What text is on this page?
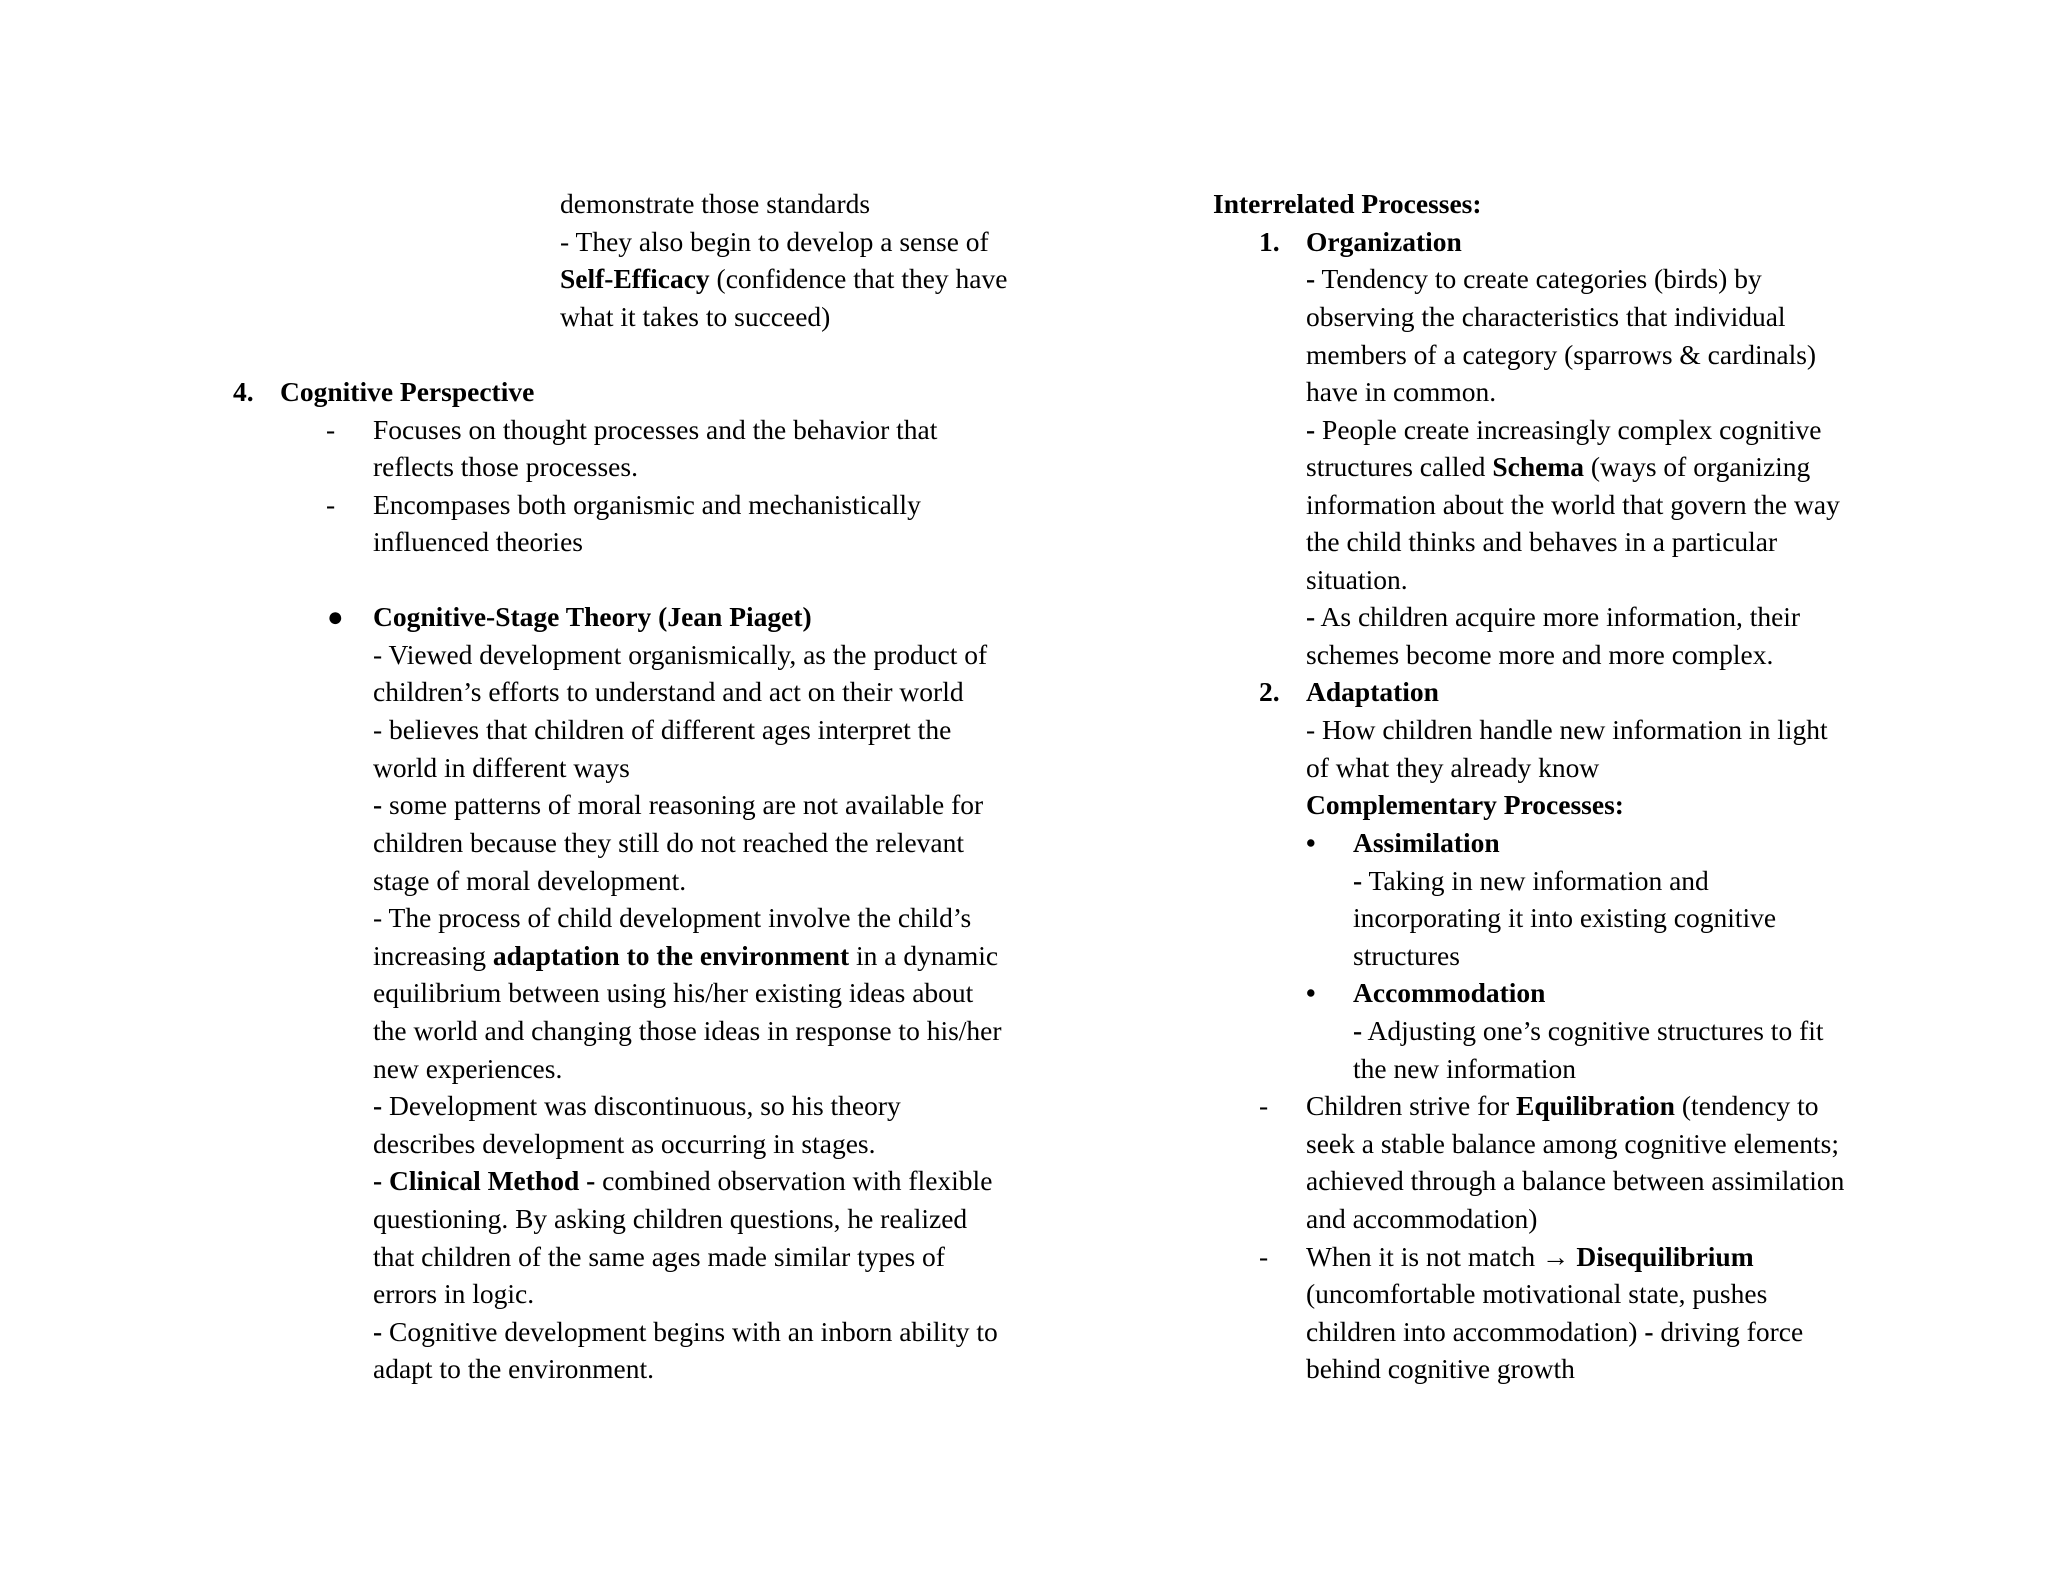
demonstrate those standards
- They also begin to develop a sense of
Self-Efficacy (confidence that they have
what it takes to succeed)
4. Cognitive Perspective
- Focuses on thought processes and the behavior that
reflects those processes.
- Encompases both organismic and mechanistically
influenced theories
● Cognitive-Stage Theory (Jean Piaget)
- Viewed development organismically, as the product of
children’s efforts to understand and act on their world
- believes that children of different ages interpret the
world in different ways
- some patterns of moral reasoning are not available for
children because they still do not reached the relevant
stage of moral development.
- The process of child development involve the child’s
increasing adaptation to the environment in a dynamic
equilibrium between using his/her existing ideas about
the world and changing those ideas in response to his/her
new experiences.
- Development was discontinuous, so his theory
describes development as occurring in stages.
- Clinical Method - combined observation with flexible
questioning. By asking children questions, he realized
that children of the same ages made similar types of
errors in logic.
- Cognitive development begins with an inborn ability to
adapt to the environment.
Interrelated Processes:
1. Organization
- Tendency to create categories (birds) by
observing the characteristics that individual
members of a category (sparrows & cardinals)
have in common.
- People create increasingly complex cognitive
structures called Schema (ways of organizing
information about the world that govern the way
the child thinks and behaves in a particular
situation.
- As children acquire more information, their
schemes become more and more complex.
2. Adaptation
- How children handle new information in light
of what they already know
Complementary Processes:
• Assimilation
- Taking in new information and
incorporating it into existing cognitive
structures
• Accommodation
- Adjusting one’s cognitive structures to fit
the new information
- Children strive for Equilibration (tendency to
seek a stable balance among cognitive elements;
achieved through a balance between assimilation
and accommodation)
- When it is not match → Disequilibrium
(uncomfortable motivational state, pushes
children into accommodation) - driving force
behind cognitive growth
